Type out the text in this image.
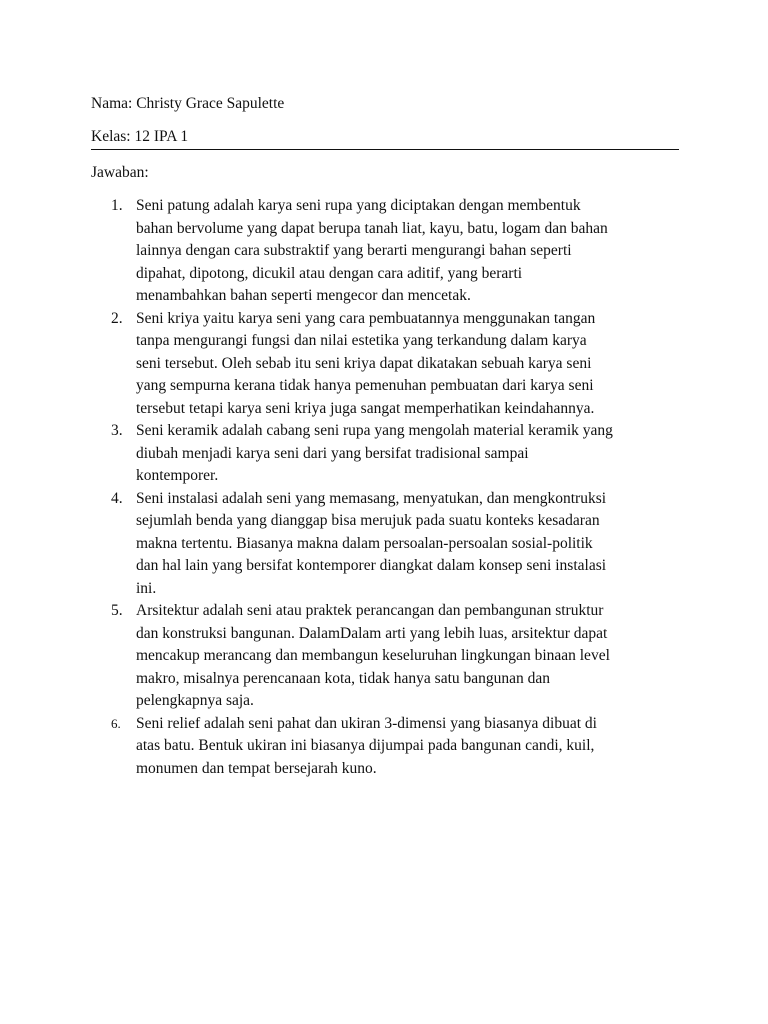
Nama: Christy Grace Sapulette
Kelas: 12 IPA 1
Jawaban:
1. Seni patung adalah karya seni rupa yang diciptakan dengan membentuk
bahan bervolume yang dapat berupa tanah liat, kayu, batu, logam dan bahan
lainnya dengan cara substraktif yang berarti mengurangi bahan seperti
dipahat, dipotong, dicukil atau dengan cara aditif, yang berarti
menambahkan bahan seperti mengecor dan mencetak.
2. Seni kriya yaitu karya seni yang cara pembuatannya menggunakan tangan
tanpa mengurangi fungsi dan nilai estetika yang terkandung dalam karya
seni tersebut. Oleh sebab itu seni kriya dapat dikatakan sebuah karya seni
yang sempurna kerana tidak hanya pemenuhan pembuatan dari karya seni
tersebut tetapi karya seni kriya juga sangat memperhatikan keindahannya.
3. Seni keramik adalah cabang seni rupa yang mengolah material keramik yang
diubah menjadi karya seni dari yang bersifat tradisional sampai
kontemporer.
4. Seni instalasi adalah seni yang memasang, menyatukan, dan mengkontruksi
sejumlah benda yang dianggap bisa merujuk pada suatu konteks kesadaran
makna tertentu. Biasanya makna dalam persoalan-persoalan sosial-politik
dan hal lain yang bersifat kontemporer diangkat dalam konsep seni instalasi
ini.
5. Arsitektur adalah seni atau praktek perancangan dan pembangunan struktur
dan konstruksi bangunan. DalamDalam arti yang lebih luas, arsitektur dapat
mencakup merancang dan membangun keseluruhan lingkungan binaan level
makro, misalnya perencanaan kota, tidak hanya satu bangunan dan
pelengkapnya saja.
6. Seni relief adalah seni pahat dan ukiran 3-dimensi yang biasanya dibuat di
atas batu. Bentuk ukiran ini biasanya dijumpai pada bangunan candi, kuil,
monumen dan tempat bersejarah kuno.
